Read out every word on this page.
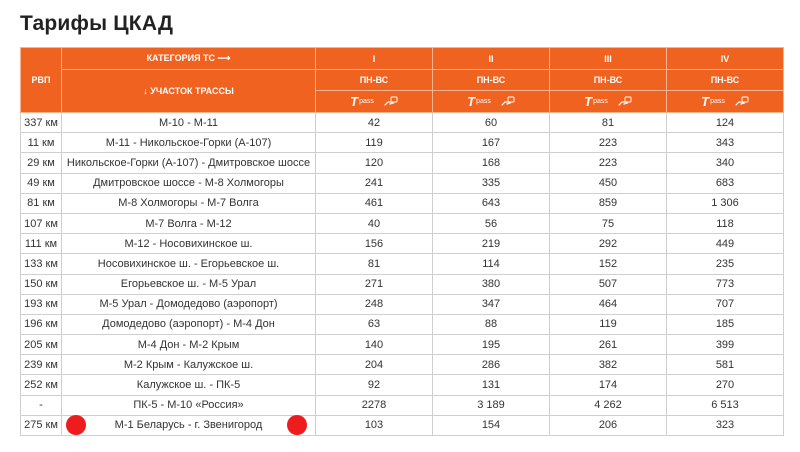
Тарифы ЦКАД
РВП	КАТЕГОРИЯ ТС ⟶	I	II	III	IV
	↓ УЧАСТОК ТРАССЫ	ПН-ВС	ПН-ВС	ПН-ВС	ПН-ВС

		T pass	T pass	T pass	T pass

337 км	М-10 - М-11	42	60	81	124
11 км	М-11 - Никольское-Горки (А-107)	119	167	223	343
29 км	Никольское-Горки (А-107) - Дмитровское шоссе	120	168	223	340
49 км	Дмитровское шоссе - М-8 Холмогоры	241	335	450	683
81 км	М-8 Холмогоры - М-7 Волга	461	643	859	1 306
107 км	М-7 Волга - М-12	40	56	75	118
111 км	М-12 - Носовихинское ш.	156	219	292	449
133 км	Носовихинское ш. - Егорьевское ш.	81	114	152	235
150 км	Егорьевское ш. - М-5 Урал	271	380	507	773
193 км	М-5 Урал - Домодедово (аэропорт)	248	347	464	707
196 км	Домодедово (аэропорт) - М-4 Дон	63	88	119	185
205 км	М-4 Дон - М-2 Крым	140	195	261	399
239 км	М-2 Крым - Калужское ш.	204	286	382	581
252 км	Калужское ш. - ПК-5	92	131	174	270
-	ПК-5 - М-10 «Россия»	2278	3 189	4 262	6 513
275 км	М-1 Беларусь - г. Звенигород	103	154	206	323
